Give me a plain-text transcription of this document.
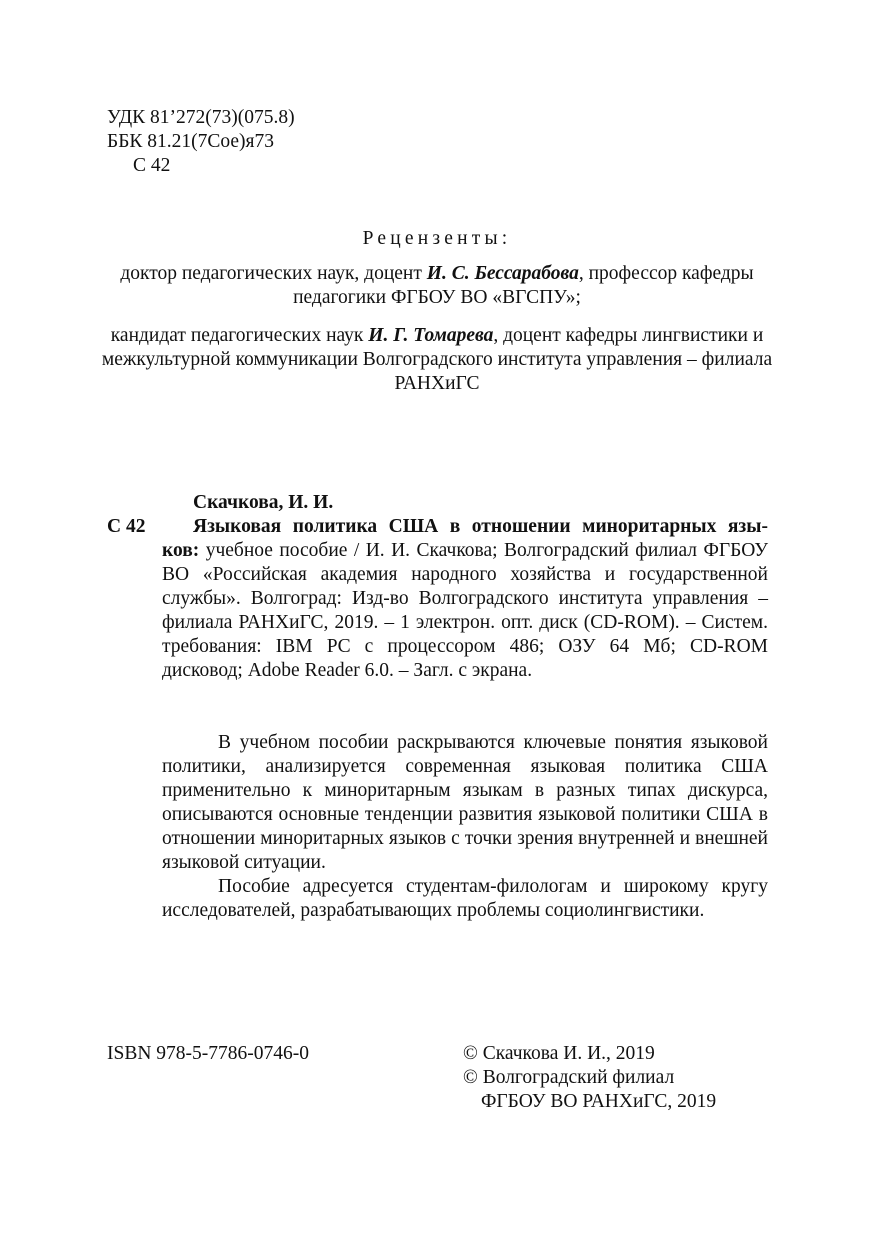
УДК 81’272(73)(075.8)
ББК 81.21(7Сое)я73
С 42
Рецензенты:
доктор педагогических наук, доцент И. С. Бессарабова, профессор кафедры педагогики ФГБОУ ВО «ВГСПУ»;
кандидат педагогических наук И. Г. Томарева, доцент кафедры лингвистики и межкультурной коммуникации Волгоградского института управления – филиала РАНХиГС
Скачкова, И. И.
С 42	Языковая политика США в отношении миноритарных язы-
ков: учебное пособие / И. И. Скачкова; Волгоградский филиал ФГБОУ ВО «Российская академия народного хозяйства и государственной службы». Волгоград: Изд-во Волгоградского института управления – филиала РАНХиГС, 2019. – 1 электрон. опт. диск (CD-ROM). – Систем. требования: IBM PC с процессором 486; ОЗУ 64 Мб; CD-ROM дисковод; Adobe Reader 6.0. – Загл. с экрана.

В учебном пособии раскрываются ключевые понятия языковой политики, анализируется современная языковая политика США применительно к миноритарным языкам в разных типах дискурса, описываются основные тенденции развития языковой политики США в отношении миноритарных языков с точки зрения внутренней и внешней языковой ситуации.

Пособие адресуется студентам-филологам и широкому кругу исследователей, разрабатывающих проблемы социолингвистики.

ISBN 978-5-7786-0746-0	© Скачкова И. И., 2019
© Волгоградский филиал
ФГБОУ ВО РАНХиГС, 2019
